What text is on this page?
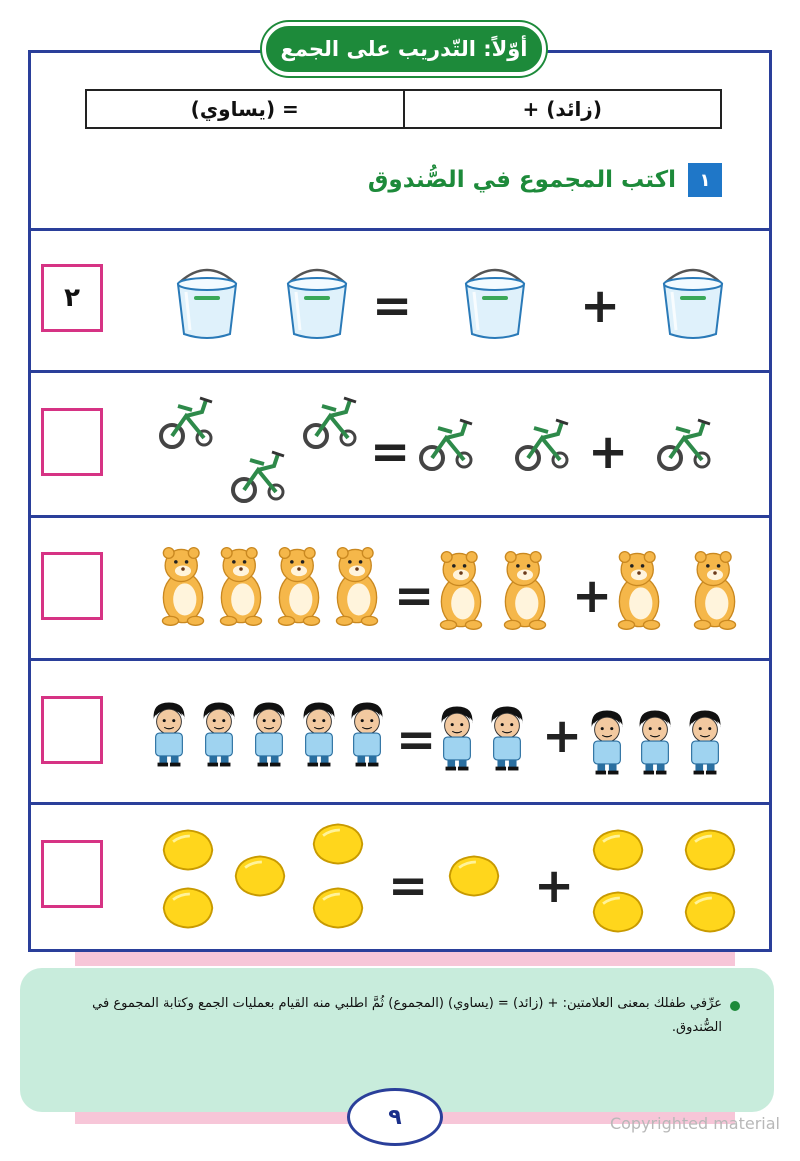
أوّلاً: التّدريب على الجمع
(يساوي) =	+ (زائد)
١
اكتب المجموع في الصُّندوق
٢	=	+
=	+
=	+
= +
= +
عرِّفي طفلك بمعنى العلامتين: + (زائد) = (يساوي) (المجموع) ثُمَّ اطلبي منه القيام بعمليات الجمع وكتابة المجموع في الصُّندوق.
٩	Copyrighted material
